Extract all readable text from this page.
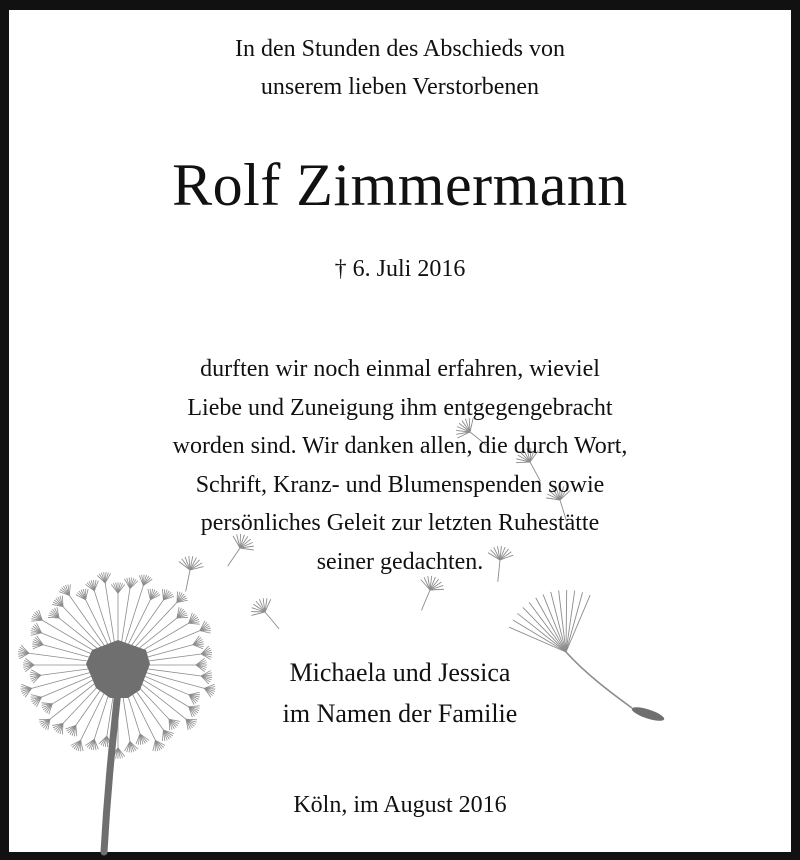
In den Stunden des Abschieds von
unserem lieben Verstorbenen

Rolf Zimmermann

† 6. Juli 2016

durften wir noch einmal erfahren, wieviel
Liebe und Zuneigung ihm entgegengebracht
worden sind. Wir danken allen, die durch Wort,
Schrift, Kranz- und Blumenspenden sowie
persönliches Geleit zur letzten Ruhestätte
seiner gedachten.
Michaela und Jessica
im Namen der Familie

Köln, im August 2016
